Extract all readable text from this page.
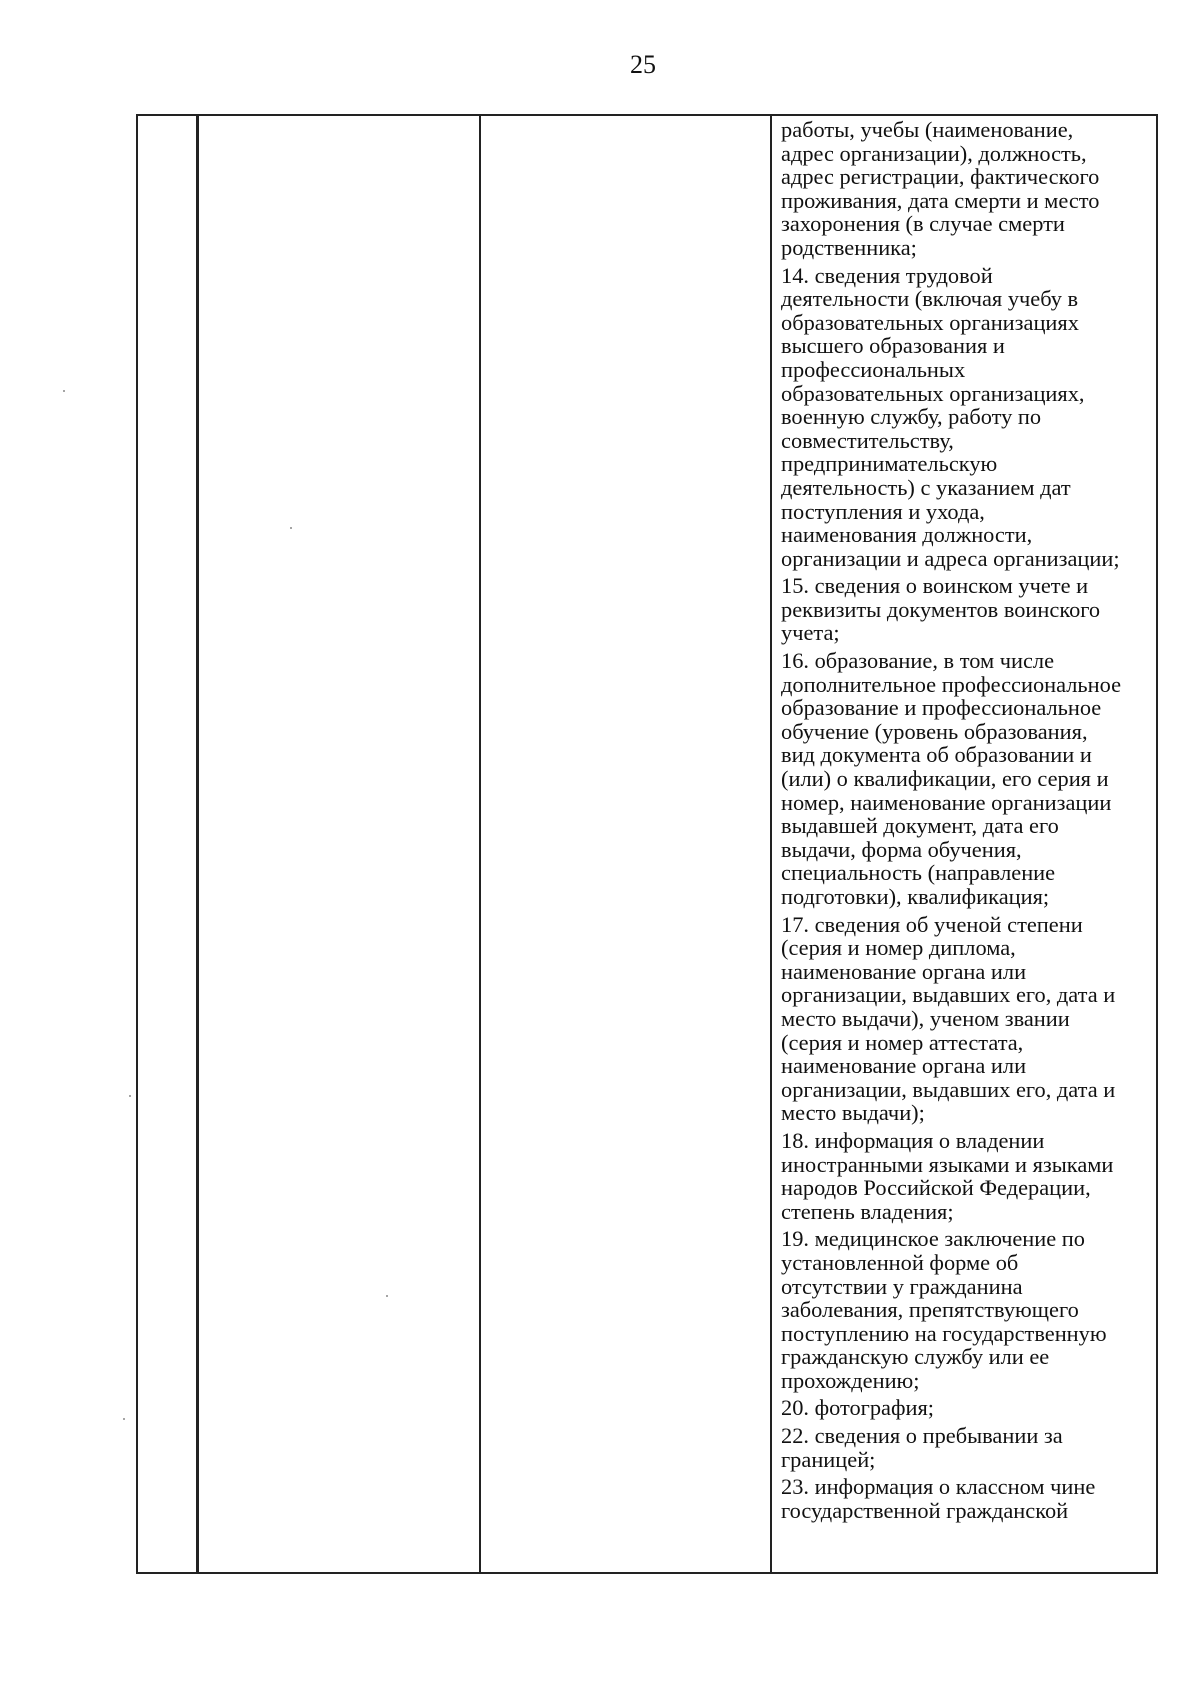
25
работы, учебы (наименование,
адрес организации), должность,
адрес регистрации, фактического
проживания, дата смерти и место
захоронения (в случае смерти
родственника;
14. сведения трудовой
деятельности (включая учебу в
образовательных организациях
высшего образования и
профессиональных
образовательных организациях,
военную службу, работу по
совместительству,
предпринимательскую
деятельность) с указанием дат
поступления и ухода,
наименования должности,
организации и адреса организации;
15. сведения о воинском учете и
реквизиты документов воинского
учета;
16. образование, в том числе
дополнительное профессиональное
образование и профессиональное
обучение (уровень образования,
вид документа об образовании и
(или) о квалификации, его серия и
номер, наименование организации
выдавшей документ, дата его
выдачи, форма обучения,
специальность (направление
подготовки), квалификация;
17. сведения об ученой степени
(серия и номер диплома,
наименование органа или
организации, выдавших его, дата и
место выдачи), ученом звании
(серия и номер аттестата,
наименование органа или
организации, выдавших его, дата и
место выдачи);
18. информация о владении
иностранными языками и языками
народов Российской Федерации,
степень владения;
19. медицинское заключение по
установленной форме об
отсутствии у гражданина
заболевания, препятствующего
поступлению на государственную
гражданскую службу или ее
прохождению;
20. фотография;
22. сведения о пребывании за
границей;
23. информация о классном чине
государственной гражданской
